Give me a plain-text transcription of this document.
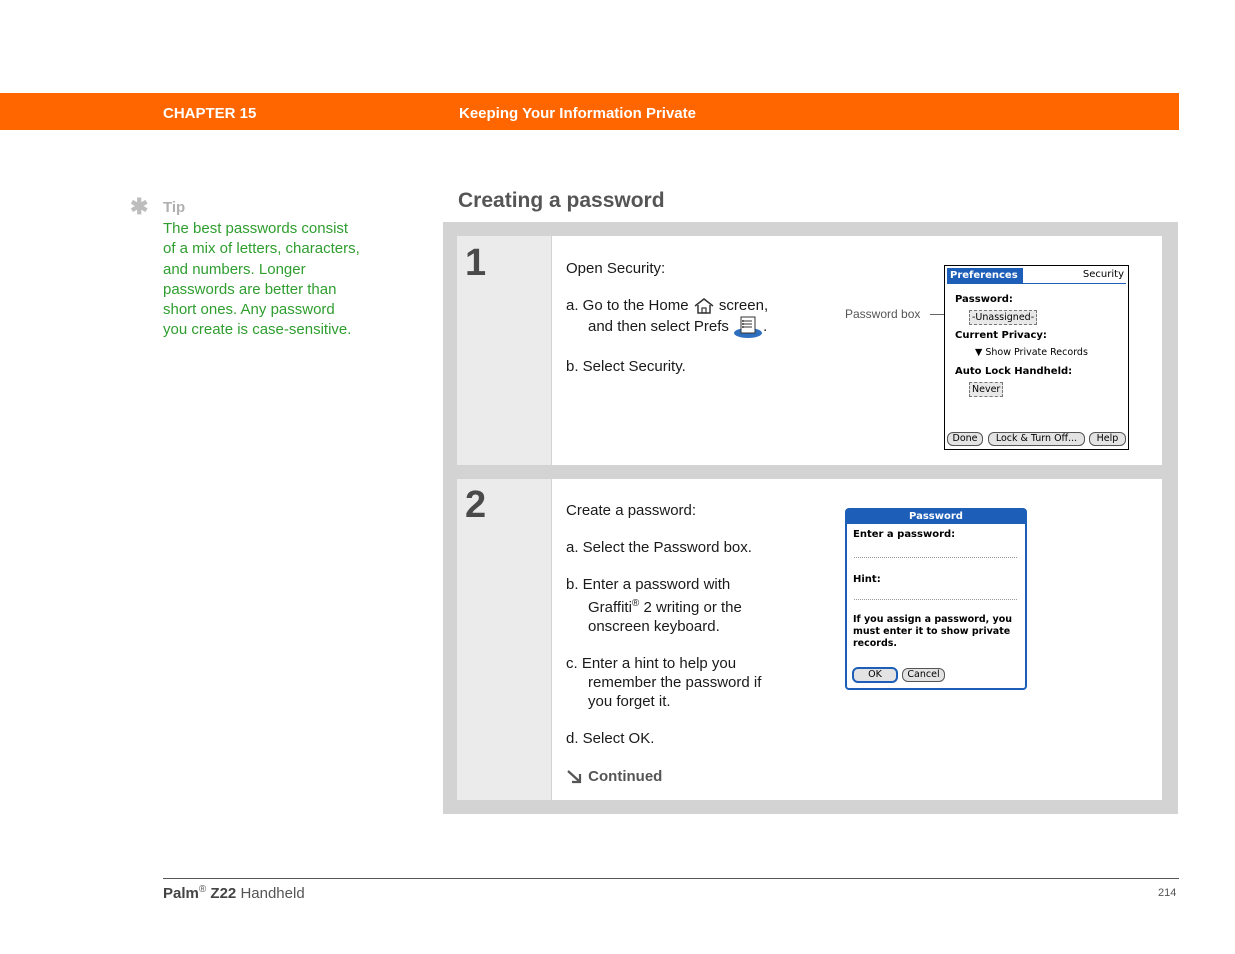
CHAPTER 15	Keeping Your Information Private
✱ Tip
The best passwords consist of a mix of letters, characters, and numbers. Longer passwords are better than short ones. Any password you create is case-sensitive.
Creating a password
1	Open Security:
a. Go to the Home  screen,
and then select Prefs .
b. Select Security.
Password box
Preferences	Security
Password:
-Unassigned-
Current Privacy:
▼ Show Private Records
Auto Lock Handheld:
Never
Done	Lock & Turn Off...	Help
2	Create a password:
a. Select the Password box.
b. Enter a password with
Graffiti® 2 writing or the
onscreen keyboard.
c. Enter a hint to help you
remember the password if
you forget it.
d. Select OK.
Continued
Password
Enter a password:
Hint:
If you assign a password, you must enter it to show private records.
OK	Cancel
Palm® Z22 Handheld	214
